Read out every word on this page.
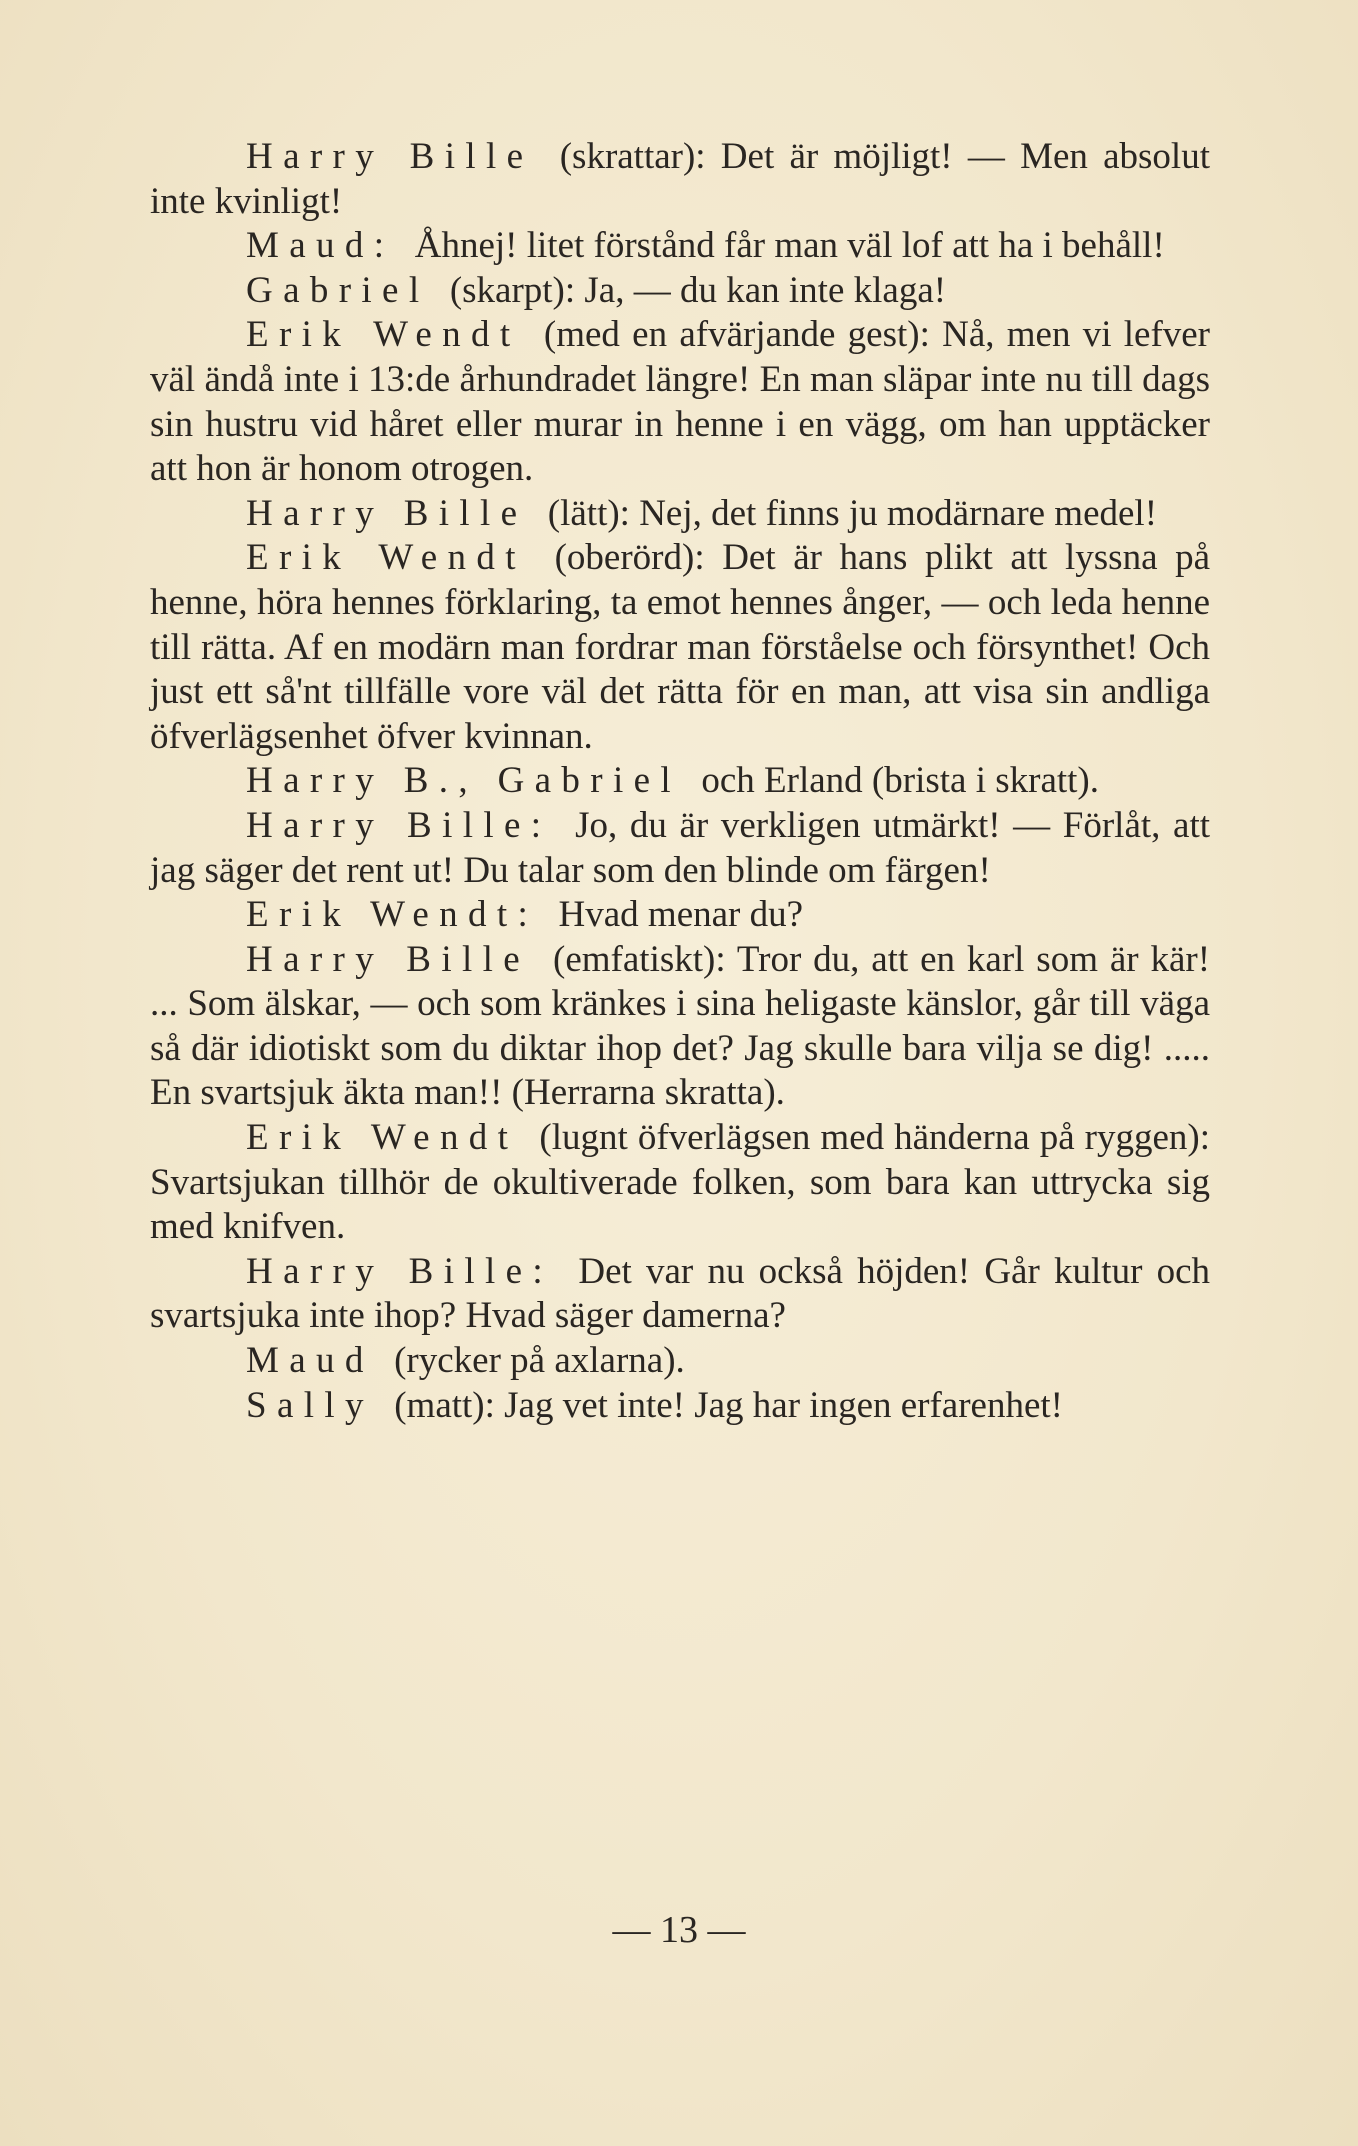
Harry Bille (skrattar): Det är möjligt! — Men absolut inte kvinligt!

Maud: Åhnej! litet förstånd får man väl lof att ha i behåll!

Gabriel (skarpt): Ja, — du kan inte klaga!

Erik Wendt (med en afvärjande gest): Nå, men vi lefver väl ändå inte i 13:de århundradet längre! En man släpar inte nu till dags sin hustru vid håret eller murar in henne i en vägg, om han upptäcker att hon är honom otrogen.

Harry Bille (lätt): Nej, det finns ju modärnare medel!

Erik Wendt (oberörd): Det är hans plikt att lyssna på henne, höra hennes förklaring, ta emot hennes ånger, — och leda henne till rätta. Af en modärn man fordrar man förståelse och försynthet! Och just ett så'nt tillfälle vore väl det rätta för en man, att visa sin andliga öfverlägsenhet öfver kvinnan.

Harry B., Gabriel och Erland (brista i skratt).

Harry Bille: Jo, du är verkligen utmärkt! — Förlåt, att jag säger det rent ut! Du talar som den blinde om färgen!

Erik Wendt: Hvad menar du?

Harry Bille (emfatiskt): Tror du, att en karl som är kär! ... Som älskar, — och som kränkes i sina heligaste känslor, går till väga så där idiotiskt som du diktar ihop det? Jag skulle bara vilja se dig! ..... En svartsjuk äkta man!! (Herrarna skratta).

Erik Wendt (lugnt öfverlägsen med händerna på ryggen): Svartsjukan tillhör de okultiverade folken, som bara kan uttrycka sig med knifven.

Harry Bille: Det var nu också höjden! Går kultur och svartsjuka inte ihop? Hvad säger damerna?

Maud (rycker på axlarna).

Sally (matt): Jag vet inte! Jag har ingen erfarenhet!

— 13 —
